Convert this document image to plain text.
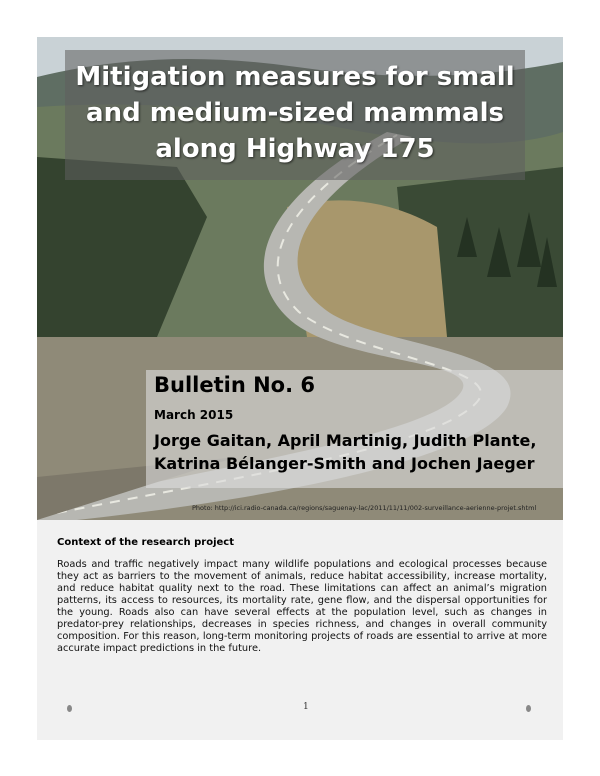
Mitigation measures for small and medium-sized mammals along Highway 175

Bulletin No. 6

March 2015

Jorge Gaitan, April Martinig, Judith Plante, Katrina Bélanger-Smith and Jochen Jaeger

Photo: http://ici.radio-canada.ca/regions/saguenay-lac/2011/11/11/002-surveillance-aerienne-projet.shtml

Context of the research project

Roads and traffic negatively impact many wildlife populations and ecological processes because they act as barriers to the movement of animals, reduce habitat accessibility, increase mortality, and reduce habitat quality next to the road. These limitations can affect an animal’s migration patterns, its access to resources, its mortality rate, gene flow, and the dispersal opportunities for the young. Roads also can have several effects at the population level, such as changes in predator-prey relationships, decreases in species richness, and changes in overall community composition. For this reason, long-term monitoring projects of roads are essential to arrive at more accurate impact predictions in the future.

1
